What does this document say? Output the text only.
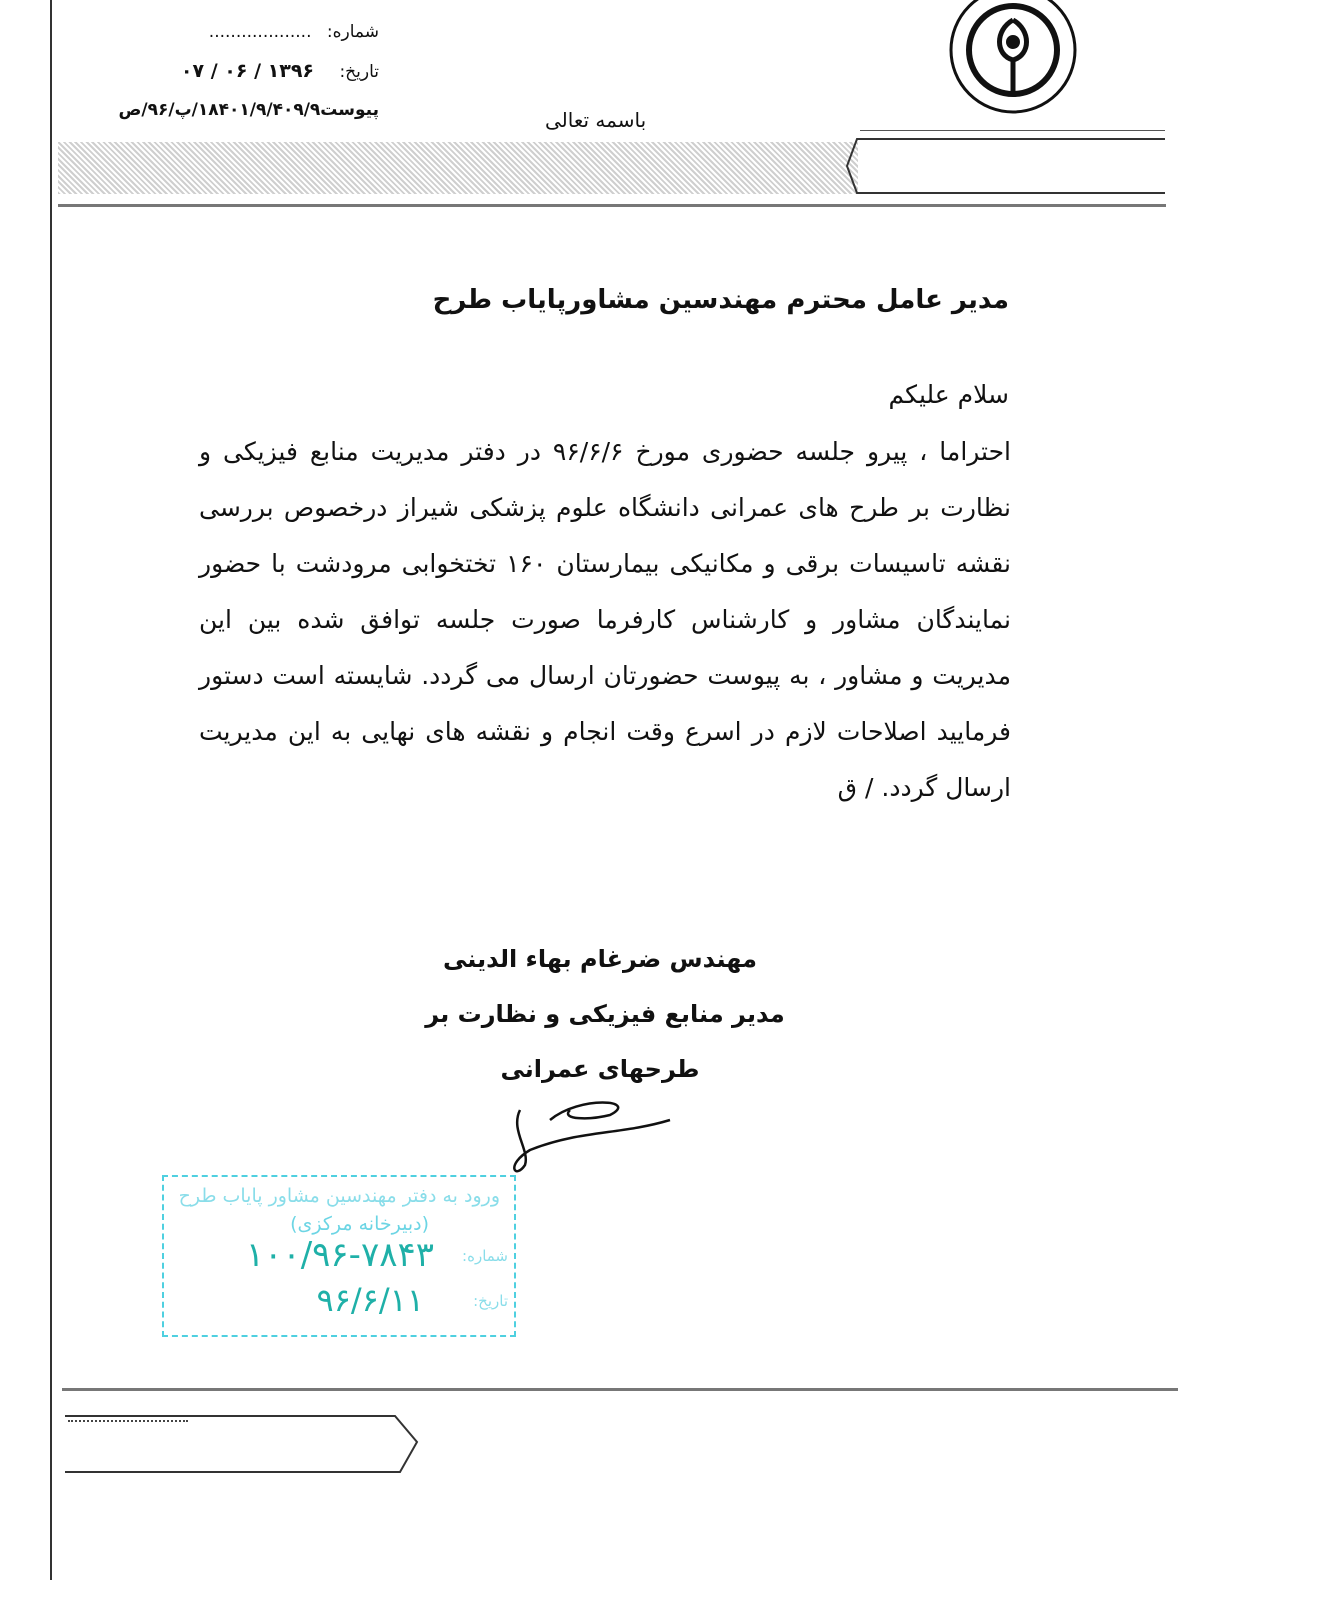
شماره: ...................
تاریخ: ۱۳۹۶ / ۰۶ / ۰۷
پیوست۱۸۴۰۱/۹/۴۰۹/۹/پ/۹۶/ص	باسمه تعالی
مدیر عامل محترم مهندسین مشاورپایاب طرح
سلام علیکم
احتراما ، پیرو جلسه حضوری مورخ ۹۶/۶/۶ در دفتر مدیریت منابع فیزیکی و نظارت بر طرح های عمرانی دانشگاه علوم پزشکی شیراز درخصوص بررسی نقشه تاسیسات برقی و مکانیکی بیمارستان ۱۶۰ تختخوابی مرودشت با حضور نمایندگان مشاور و کارشناس کارفرما صورت جلسه توافق شده بین این مدیریت و مشاور ، به پیوست حضورتان ارسال می گردد. شایسته است دستور فرمایید اصلاحات لازم در اسرع وقت انجام و نقشه های نهایی به این مدیریت ارسال گردد. / ق
مهندس ضرغام بهاء الدینی
مدیر منابع فیزیکی و نظارت بر
طرحهای عمرانی
ورود به دفتر مهندسین مشاور پایاب طرح
(دبیرخانه مرکزی)
شماره:
۱۰۰/۹۶-۷۸۴۳
تاریخ:
۹۶/۶/۱۱
